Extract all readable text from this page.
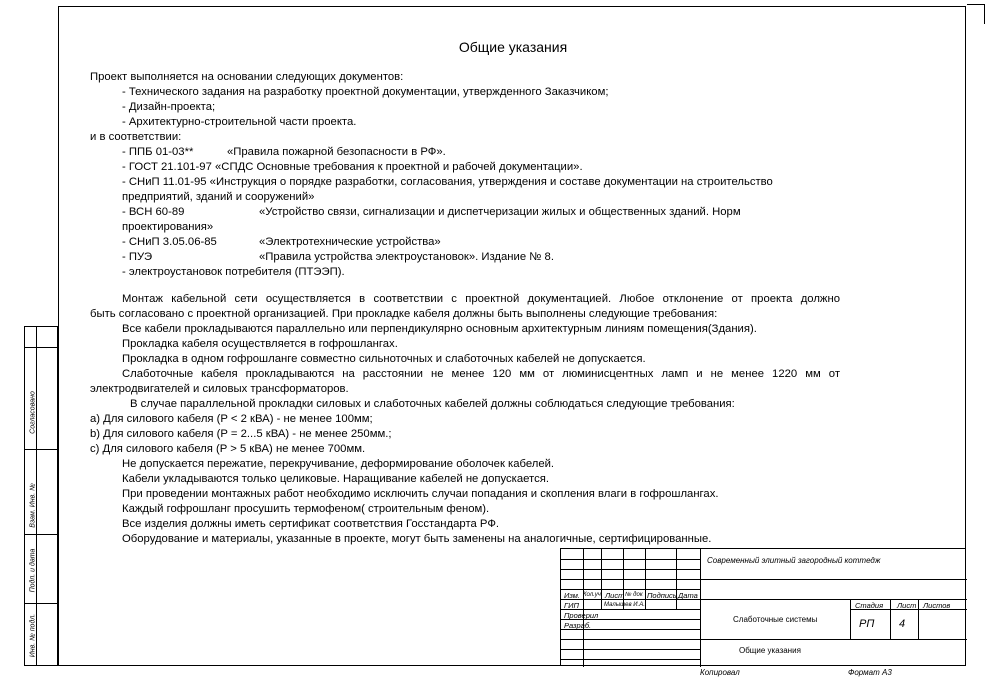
Общие указания
Проект выполняется на основании следующих документов:
- Технического задания на разработку проектной документации, утвержденного Заказчиком;
- Дизайн-проекта;
- Архитектурно-строительной части проекта.
и в соответствии:
- ППБ 01-03**	«Правила пожарной безопасности в РФ».
- ГОСТ 21.101-97 «СПДС Основные требования к проектной и рабочей документации».
- СНиП 11.01-95 «Инструкция о порядке разработки, согласования, утверждения и составе документации на строительство
предприятий, зданий и сооружений»
- ВСН 60-89	«Устройство связи, сигнализации и диспетчеризации жилых и общественных зданий. Норм
проектирования»
- СНиП 3.05.06-85	«Электротехнические устройства»
- ПУЭ	«Правила устройства электроустановок». Издание № 8.
- электроустановок потребителя (ПТЭЭП).
Монтаж кабельной сети осуществляется в соответствии с проектной документацией. Любое отклонение от проекта должно
быть согласовано с проектной организацией. При прокладке кабеля должны быть выполнены следующие требования:
Все кабели прокладываются параллельно или перпендикулярно основным архитектурным линиям помещения(Здания).
Прокладка кабеля осуществляется в гофрошлангах.
Прокладка в одном гофрошланге совместно сильноточных и слаботочных кабелей не допускается.
Слаботочные кабеля прокладываются на расстоянии не менее 120 мм от люминисцентных ламп и не менее 1220 мм от
электродвигателей и силовых трансформаторов.
В случае параллельной прокладки силовых и слаботочных кабелей должны соблюдаться следующие требования:
а) Для силового кабеля (P < 2 кВА) - не менее 100мм;
b) Для силового кабеля (P = 2...5 кВА) - не менее 250мм.;
с) Для силового кабеля (P > 5 кВА) не менее 700мм.
Не допускается пережатие, перекручивание, деформирование оболочек кабелей.
Кабели укладываются только целиковые. Наращивание кабелей не допускается.
При проведении монтажных работ необходимо исключить случаи попадания и скопления влаги в гофрошлангах.
Каждый гофрошланг просушить термофеном( строительным феном).
Все изделия должны иметь сертификат соответствия Госстандарта РФ.
Оборудование и материалы, указанные в проекте, могут быть заменены на аналогичные, сертифицированные.
Согласовано
Взам. Инв. №
Подп. и дата
Инв. № подл.
Современный элитный загородный коттедж
Изм. Кол.уч Лист № док Подпись Дата
ГИП	Малышев И.А.
Проверил
Разраб.
Слаботочные системы
Стадия Лист Листов
РП 4
Общие указания
Копировал	Формат А3
